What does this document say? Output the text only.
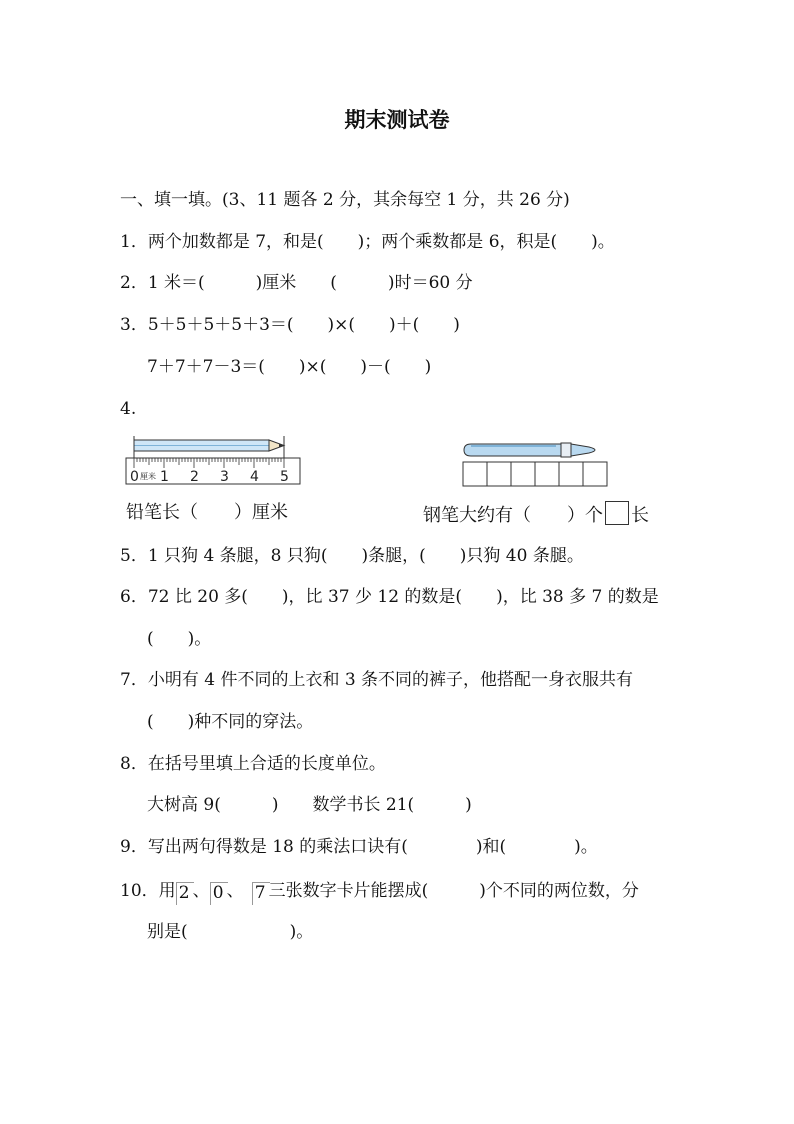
期末测试卷
一、填一填。(3、11 题各 2 分，其余每空 1 分，共 26 分)
1．两个加数都是 7，和是(　　)；两个乘数都是 6，积是(　　)。
2．1 米＝(　　　)厘米　　(　　　)时＝60 分
3．5＋5＋5＋5＋3＝(　　)×(　　)＋(　　)
7＋7＋7－3＝(　　)×(　　)－(　　)
4.
0 1 2 3 4 5
厘米
铅笔长（　　）厘米	钢笔大约有（　　）个 长
5．1 只狗 4 条腿，8 只狗(　　)条腿，(　　)只狗 40 条腿。
6．72 比 20 多(　　)，比 37 少 12 的数是(　　)，比 38 多 7 的数是
(　　)。
7．小明有 4 件不同的上衣和 3 条不同的裤子，他搭配一身衣服共有
(　　)种不同的穿法。
8．在括号里填上合适的长度单位。
大树高 9(　　　)　　数学书长 21(　　　)
9．写出两句得数是 18 的乘法口诀有(　　　　)和(　　　　)。
10．用 2 、 0 、 7 三张数字卡片能摆成(　　　)个不同的两位数，分
别是(　　　　　　)。
